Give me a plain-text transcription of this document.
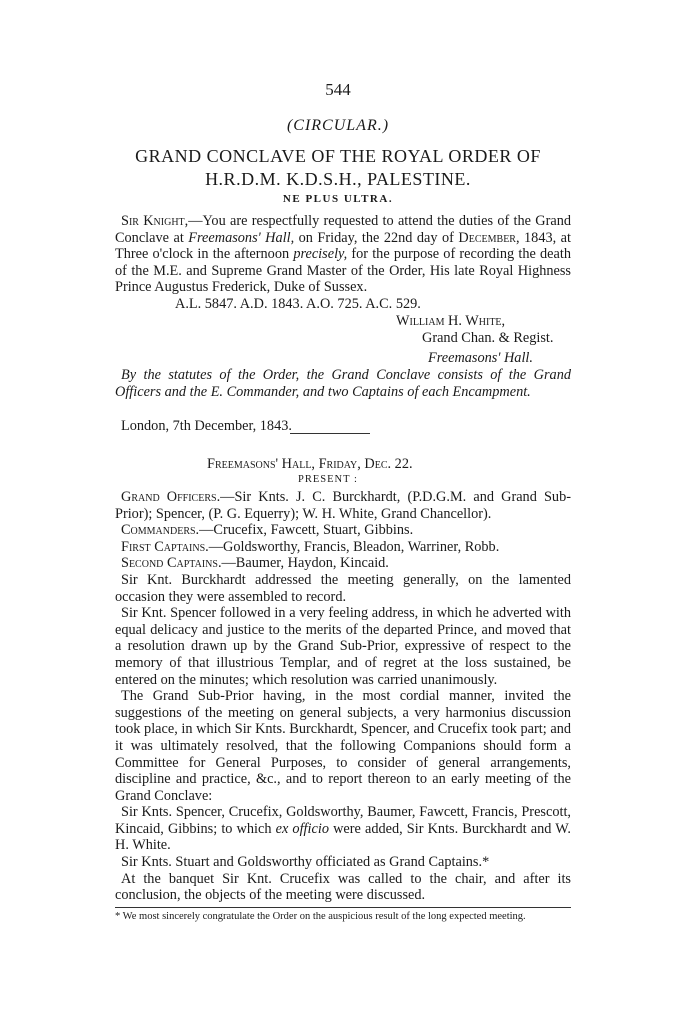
544
(CIRCULAR.)
GRAND CONCLAVE OF THE ROYAL ORDER OF
H.R.D.M. K.D.S.H., PALESTINE.
NE PLUS ULTRA.

Sir Knight,—You are respectfully requested to attend the duties of the Grand Conclave at Freemasons' Hall, on Friday, the 22nd day of December, 1843, at Three o'clock in the afternoon precisely, for the purpose of recording the death of the M.E. and Supreme Grand Master of the Order, His late Royal Highness Prince Augustus Frederick, Duke of Sussex.

A.L. 5847. A.D. 1843. A.O. 725. A.C. 529.
William H. White,
Grand Chan. & Regist.
Freemasons' Hall.

By the statutes of the Order, the Grand Conclave consists of the Grand Officers and the E. Commander, and two Captains of each Encampment.

London, 7th December, 1843.
Freemasons' Hall, Friday, Dec. 22.
PRESENT :

Grand Officers.—Sir Knts. J. C. Burckhardt, (P.D.G.M. and Grand Sub-Prior); Spencer, (P. G. Equerry); W. H. White, Grand Chancellor).

Commanders.—Crucefix, Fawcett, Stuart, Gibbins.

First Captains.—Goldsworthy, Francis, Bleadon, Warriner, Robb.

Second Captains.—Baumer, Haydon, Kincaid.

Sir Knt. Burckhardt addressed the meeting generally, on the lamented occasion they were assembled to record.

Sir Knt. Spencer followed in a very feeling address, in which he adverted with equal delicacy and justice to the merits of the departed Prince, and moved that a resolution drawn up by the Grand Sub-Prior, expressive of respect to the memory of that illustrious Templar, and of regret at the loss sustained, be entered on the minutes; which resolution was carried unanimously.

The Grand Sub-Prior having, in the most cordial manner, invited the suggestions of the meeting on general subjects, a very harmonius discussion took place, in which Sir Knts. Burckhardt, Spencer, and Crucefix took part; and it was ultimately resolved, that the following Companions should form a Committee for General Purposes, to consider of general arrangements, discipline and practice, &c., and to report thereon to an early meeting of the Grand Conclave:

Sir Knts. Spencer, Crucefix, Goldsworthy, Baumer, Fawcett, Francis, Prescott, Kincaid, Gibbins; to which ex officio were added, Sir Knts. Burckhardt and W. H. White.

Sir Knts. Stuart and Goldsworthy officiated as Grand Captains.*

At the banquet Sir Knt. Crucefix was called to the chair, and after its conclusion, the objects of the meeting were discussed.

* We most sincerely congratulate the Order on the auspicious result of the long expected meeting.
